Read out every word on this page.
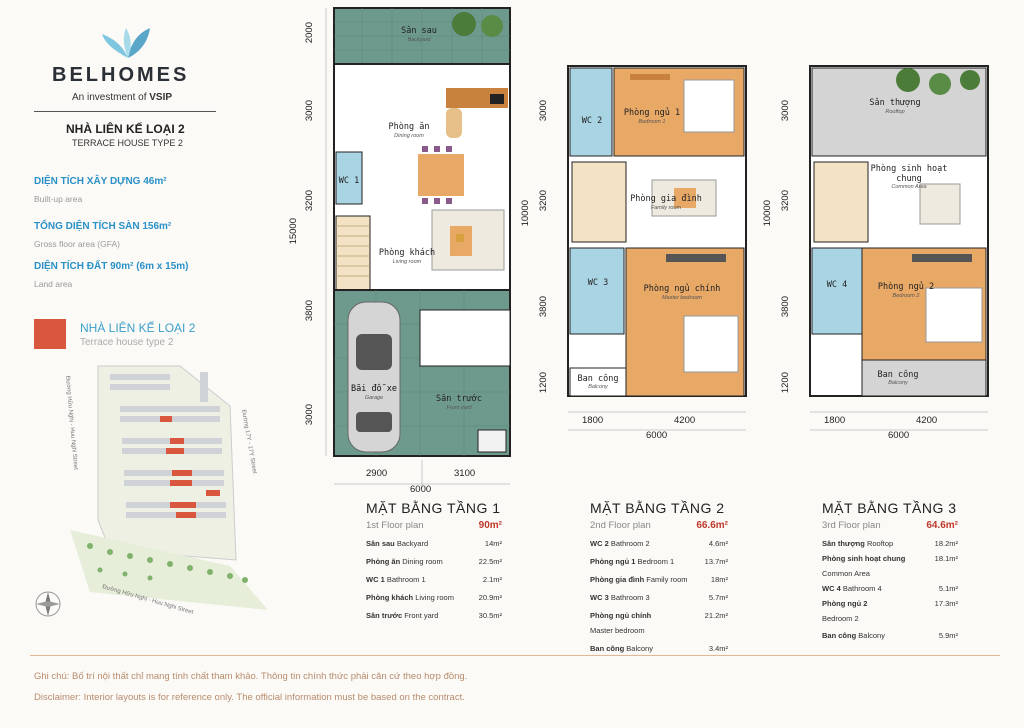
BELHOMES
An investment of VSIP
NHÀ LIÊN KẾ LOẠI 2
TERRACE HOUSE TYPE 2
DIỆN TÍCH XÂY DỰNG 46m²
Built-up area
TỔNG DIỆN TÍCH SÀN 156m²
Gross floor area (GFA)
DIỆN TÍCH ĐẤT 90m² (6m x 15m)
Land area
NHÀ LIÊN KẾ LOẠI 2
Terrace house type 2
Đường Hữu Nghị - Huu Nghi Street	Đường 17Y - 17Y Street
Đường Hữu Nghị - Huu Nghi Street
Sân sau
Backyard
Phòng ăn
Dining room
WC 1
Phòng khách
Living room
Bãi đỗ xe
Garage	Sân trước
Front yard
2000
3000
3200
15000
3800
3000
2900	3100
6000
WC 2
Phòng ngủ 1
Bedroom 1
Phòng gia đình
Family room
WC 3
Phòng ngủ chính
Master bedroom
Ban công
Balcony
3000
10000 3200
3800
1200
1800	4200
6000
Sân thượng
Rooftop
Phòng sinh hoạt chung
Common Area
WC 4	Phòng ngủ 2
Bedroom 2
Ban công
Balcony
3000
10000 3200
3800
1200
1800	4200
6000
MẶT BẰNG TẦNG 1
1st Floor plan	90m²
Sân sau Backyard	14m²
Phòng ăn Dining room	22.5m²
WC 1 Bathroom 1	2.1m²
Phòng khách Living room	20.9m²
Sân trước Front yard	30.5m²
MẶT BẰNG TẦNG 2
2nd Floor plan	66.6m²
WC 2 Bathroom 2	4.6m²
Phòng ngủ 1 Bedroom 1	13.7m²
Phòng gia đình Family room	18m²
WC 3 Bathroom 3	5.7m²
Phòng ngủ chính	21.2m²
Master bedroom
Ban công Balcony	3.4m²
MẶT BẰNG TẦNG 3
3rd Floor plan	64.6m²
Sân thượng Rooftop	18.2m²
Phòng sinh hoạt chung	18.1m²
Common Area
WC 4 Bathroom 4	5.1m²
Phòng ngủ 2	17.3m²
Bedroom 2
Ban công Balcony	5.9m²
Ghi chú: Bố trí nội thất chỉ mang tính chất tham khảo. Thông tin chính thức phải căn cứ theo hợp đồng.
Disclaimer: Interior layouts is for reference only. The official information must be based on the contract.
